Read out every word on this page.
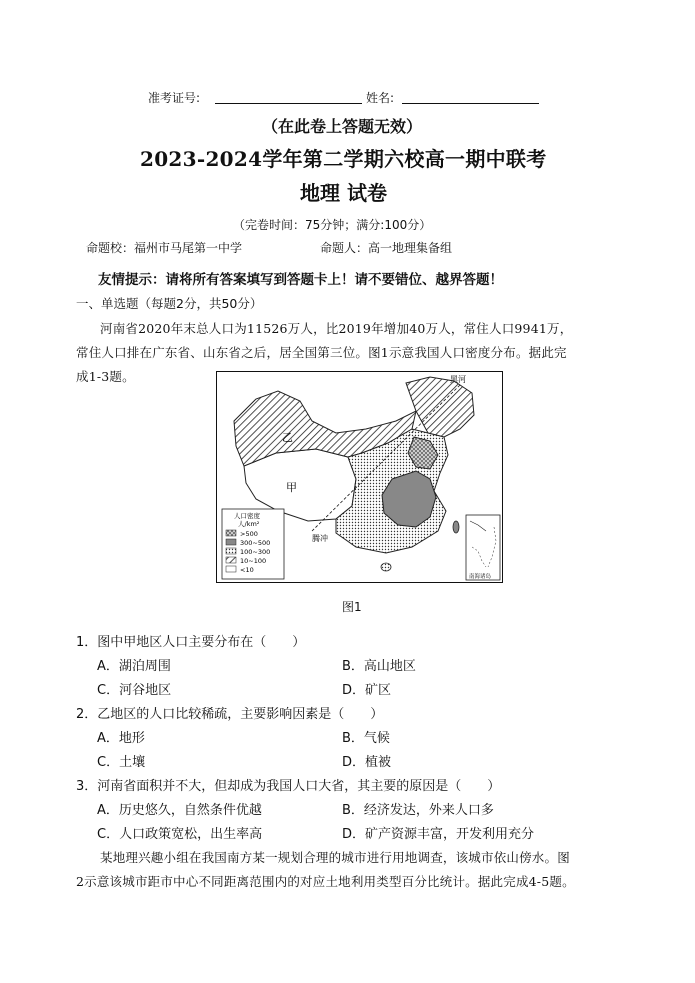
准考证号:	姓名:
（在此卷上答题无效）
2023-2024学年第二学期六校高一期中联考
地理 试卷
（完卷时间：75分钟；满分:100分）
命题校：福州市马尾第一中学	命题人：高一地理集备组
友情提示：请将所有答案填写到答题卡上！请不要错位、越界答题！
一、单选题（每题2分，共50分）
河南省2020年末总人口为11526万人，比2019年增加40万人，常住人口9941万，
常住人口排在广东省、山东省之后，居全国第三位。图1示意我国人口密度分布。据此完
成1-3题。
乙
甲
黑河
腾冲
人口密度
人/km²
>500
300~500
100~300
10~100
<10
南海诸岛
图1
1．图中甲地区人口主要分布在（　　）
A．湖泊周围	B．高山地区
C．河谷地区	D．矿区
2．乙地区的人口比较稀疏，主要影响因素是（　　）
A．地形	B．气候
C．土壤	D．植被
3．河南省面积并不大，但却成为我国人口大省，其主要的原因是（　　）
A．历史悠久，自然条件优越	B．经济发达，外来人口多
C．人口政策宽松，出生率高	D．矿产资源丰富，开发利用充分
某地理兴趣小组在我国南方某一规划合理的城市进行用地调查，该城市依山傍水。图
2示意该城市距市中心不同距离范围内的对应土地利用类型百分比统计。据此完成4-5题。
